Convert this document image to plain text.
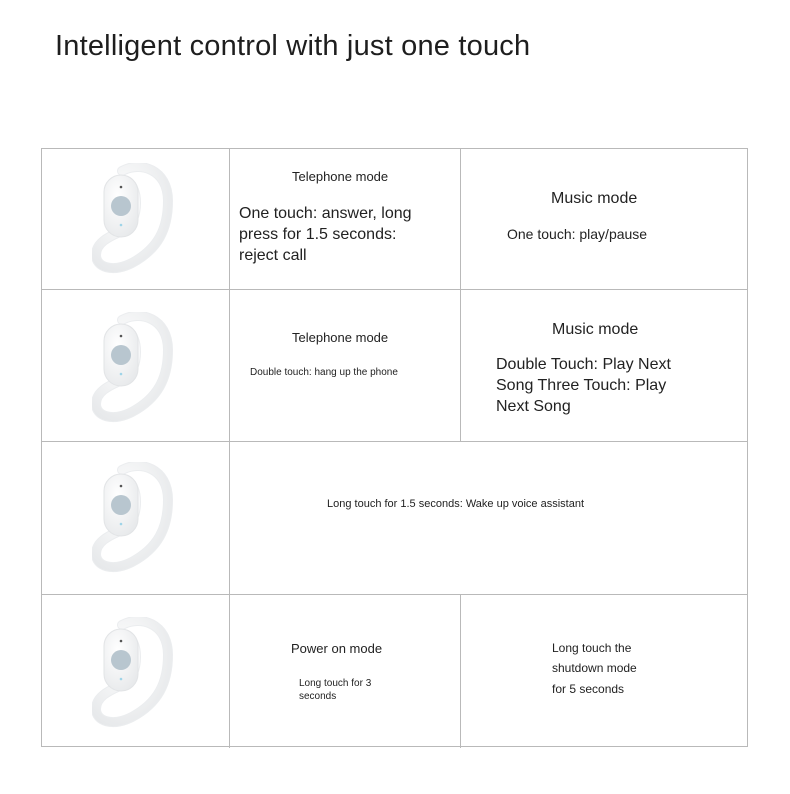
Intelligent control with just one touch
Telephone mode
One touch: answer, long press for 1.5 seconds: reject call
Music mode
One touch: play/pause
Telephone mode
Double touch: hang up the phone
Music mode
Double Touch: Play Next Song Three Touch: Play Next Song
Long touch for 1.5 seconds: Wake up voice assistant
Power on mode
Long touch for 3 seconds
Long touch the shutdown mode for 5 seconds
